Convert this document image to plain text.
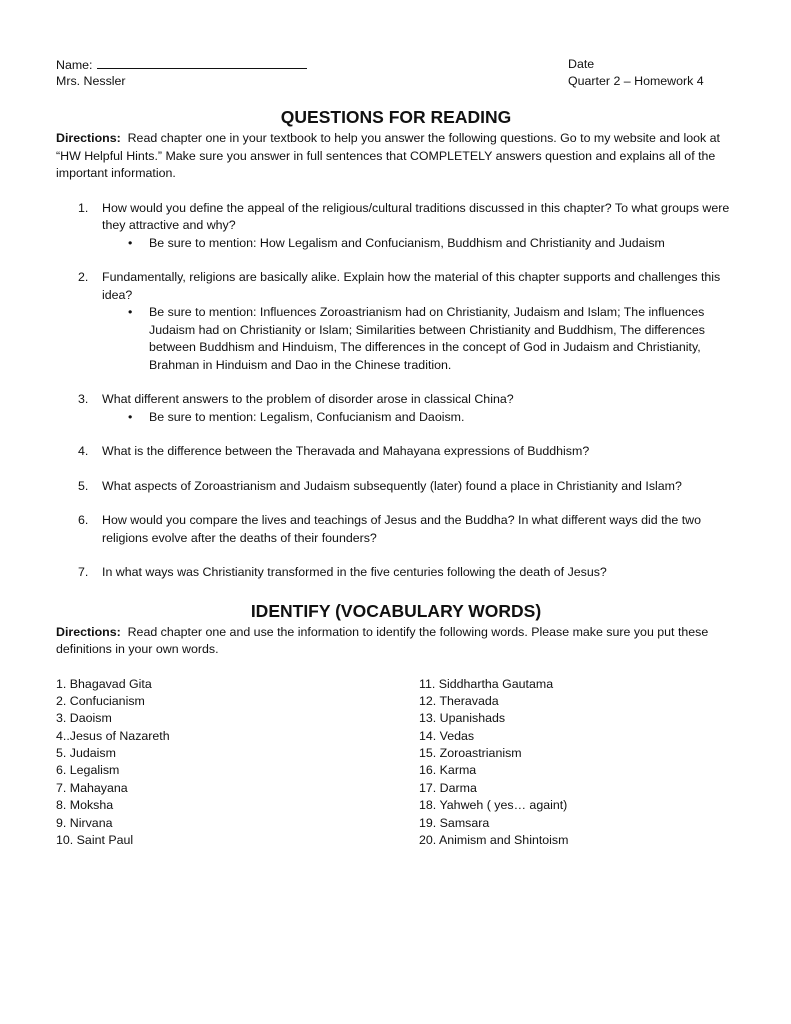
Name:
Mrs. Nessler
Date
Quarter 2 – Homework 4
QUESTIONS FOR READING

Directions: Read chapter one in your textbook to help you answer the following questions. Go to my website and look at “HW Helpful Hints.” Make sure you answer in full sentences that COMPLETELY answers question and explains all of the important information.

1. How would you define the appeal of the religious/cultural traditions discussed in this chapter? To what groups were they attractive and why?
• Be sure to mention: How Legalism and Confucianism, Buddhism and Christianity and Judaism
2. Fundamentally, religions are basically alike. Explain how the material of this chapter supports and challenges this idea?
• Be sure to mention: Influences Zoroastrianism had on Christianity, Judaism and Islam; The influences Judaism had on Christianity or Islam; Similarities between Christianity and Buddhism, The differences between Buddhism and Hinduism, The differences in the concept of God in Judaism and Christianity, Brahman in Hinduism and Dao in the Chinese tradition.
3. What different answers to the problem of disorder arose in classical China?
• Be sure to mention: Legalism, Confucianism and Daoism.
4. What is the difference between the Theravada and Mahayana expressions of Buddhism?
5. What aspects of Zoroastrianism and Judaism subsequently (later) found a place in Christianity and Islam?
6. How would you compare the lives and teachings of Jesus and the Buddha? In what different ways did the two religions evolve after the deaths of their founders?
7. In what ways was Christianity transformed in the five centuries following the death of Jesus?
IDENTIFY (VOCABULARY WORDS)

Directions: Read chapter one and use the information to identify the following words. Please make sure you put these definitions in your own words.

1. Bhagavad Gita
2. Confucianism
3. Daoism
4..Jesus of Nazareth
5. Judaism
6. Legalism
7. Mahayana
8. Moksha
9. Nirvana
10. Saint Paul
11. Siddhartha Gautama
12. Theravada
13. Upanishads
14. Vedas
15. Zoroastrianism
16. Karma
17. Darma
18. Yahweh ( yes… againt)
19. Samsara
20. Animism and Shintoism
